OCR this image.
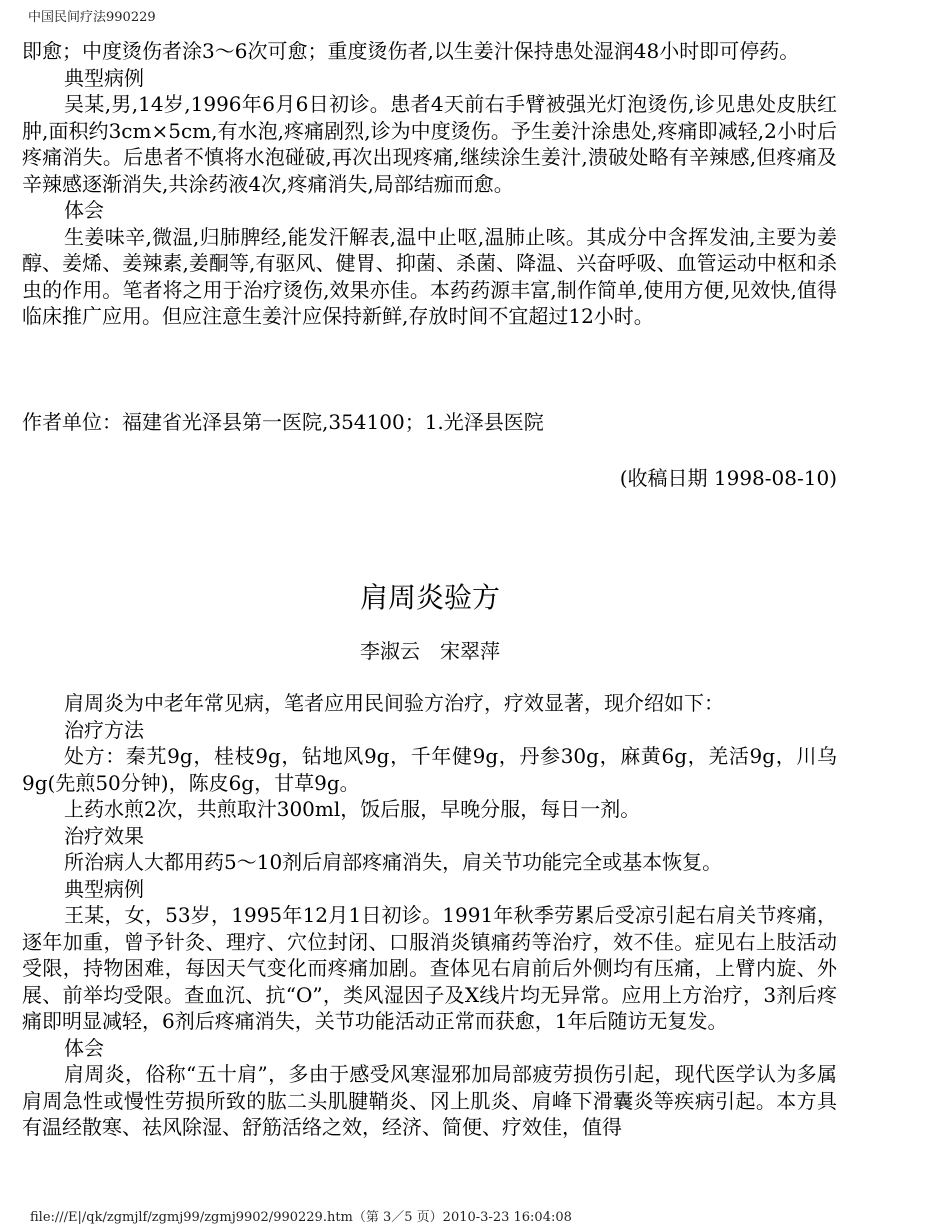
中国民间疗法990229

即愈；中度烫伤者涂3～6次可愈；重度烫伤者,以生姜汁保持患处湿润48小时即可停药。

典型病例

吴某,男,14岁,1996年6月6日初诊。患者4天前右手臂被强光灯泡烫伤,诊见患处皮肤红肿,面积约3cm×5cm,有水泡,疼痛剧烈,诊为中度烫伤。予生姜汁涂患处,疼痛即减轻,2小时后疼痛消失。后患者不慎将水泡碰破,再次出现疼痛,继续涂生姜汁,溃破处略有辛辣感,但疼痛及辛辣感逐渐消失,共涂药液4次,疼痛消失,局部结痂而愈。

体会

生姜味辛,微温,归肺脾经,能发汗解表,温中止呕,温肺止咳。其成分中含挥发油,主要为姜醇、姜烯、姜辣素,姜酮等,有驱风、健胃、抑菌、杀菌、降温、兴奋呼吸、血管运动中枢和杀虫的作用。笔者将之用于治疗烫伤,效果亦佳。本药药源丰富,制作简单,使用方便,见效快,值得临床推广应用。但应注意生姜汁应保持新鲜,存放时间不宜超过12小时。

作者单位：福建省光泽县第一医院,354100；1.光泽县医院
(收稿日期 1998-08-10)
肩周炎验方
李淑云　宋翠萍

肩周炎为中老年常见病，笔者应用民间验方治疗，疗效显著，现介绍如下：

治疗方法

处方：秦艽9g，桂枝9g，钻地风9g，千年健9g，丹参30g，麻黄6g，羌活9g，川乌9g(先煎50分钟)，陈皮6g，甘草9g。

上药水煎2次，共煎取汁300ml，饭后服，早晚分服，每日一剂。

治疗效果

所治病人大都用药5～10剂后肩部疼痛消失，肩关节功能完全或基本恢复。

典型病例

王某，女，53岁，1995年12月1日初诊。1991年秋季劳累后受凉引起右肩关节疼痛，逐年加重，曾予针灸、理疗、穴位封闭、口服消炎镇痛药等治疗，效不佳。症见右上肢活动受限，持物困难，每因天气变化而疼痛加剧。查体见右肩前后外侧均有压痛，上臂内旋、外展、前举均受限。查血沉、抗“O”，类风湿因子及X线片均无异常。应用上方治疗，3剂后疼痛即明显减轻，6剂后疼痛消失，关节功能活动正常而获愈，1年后随访无复发。

体会

肩周炎，俗称“五十肩”，多由于感受风寒湿邪加局部疲劳损伤引起，现代医学认为多属肩周急性或慢性劳损所致的肱二头肌腱鞘炎、冈上肌炎、肩峰下滑囊炎等疾病引起。本方具有温经散寒、祛风除湿、舒筋活络之效，经济、简便、疗效佳，值得

file:///E|/qk/zgmjlf/zgmj99/zgmj9902/990229.htm（第 3／5 页）2010-3-23 16:04:08
